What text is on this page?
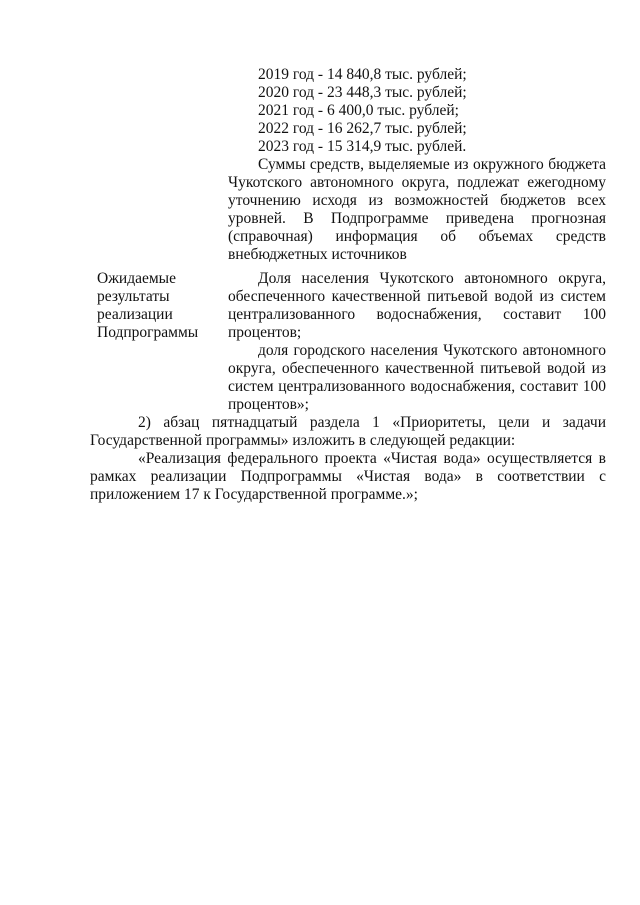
2019 год - 14 840,8 тыс. рублей;
2020 год - 23 448,3 тыс. рублей;
2021 год - 6 400,0 тыс. рублей;
2022 год - 16 262,7 тыс. рублей;
2023 год - 15 314,9 тыс. рублей.
Суммы средств, выделяемые из окружного бюджета
Чукотского автономного округа, подлежат ежегодному
уточнению исходя из возможностей бюджетов всех
уровней. В Подпрограмме приведена прогнозная
(справочная) информация об объемах средств
внебюджетных источников
Ожидаемые
результаты
реализации
Подпрограммы
Доля населения Чукотского автономного округа,
обеспеченного качественной питьевой водой из систем
централизованного водоснабжения, составит 100
процентов;
доля городского населения Чукотского автономного
округа, обеспеченного качественной питьевой водой из
систем централизованного водоснабжения, составит 100
процентов»;
2) абзац пятнадцатый раздела 1 «Приоритеты, цели и задачи
Государственной программы» изложить в следующей редакции:
«Реализация федерального проекта «Чистая вода» осуществляется в
рамках реализации Подпрограммы «Чистая вода» в соответствии с
приложением 17 к Государственной программе.»;
